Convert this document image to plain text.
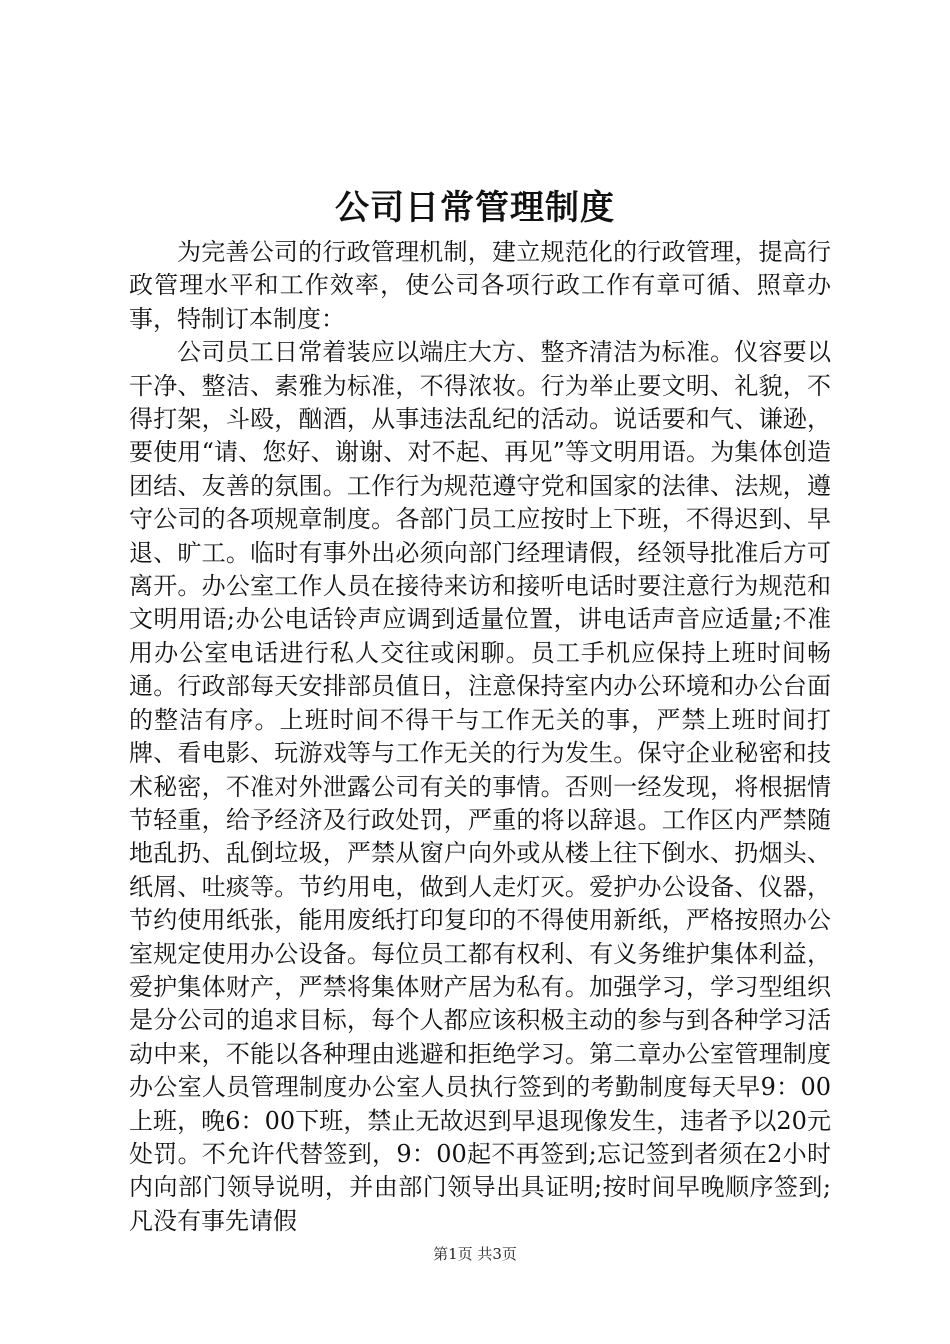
公司日常管理制度

为完善公司的行政管理机制，建立规范化的行政管理，提高行政管理水平和工作效率，使公司各项行政工作有章可循、照章办事，特制订本制度：

公司员工日常着装应以端庄大方、整齐清洁为标准。仪容要以干净、整洁、素雅为标准，不得浓妆。行为举止要文明、礼貌，不得打架，斗殴，酗酒，从事违法乱纪的活动。说话要和气、谦逊，要使用“请、您好、谢谢、对不起、再见”等文明用语。为集体创造团结、友善的氛围。工作行为规范遵守党和国家的法律、法规，遵守公司的各项规章制度。各部门员工应按时上下班，不得迟到、早退、旷工。临时有事外出必须向部门经理请假，经领导批准后方可离开。办公室工作人员在接待来访和接听电话时要注意行为规范和文明用语;办公电话铃声应调到适量位置，讲电话声音应适量;不准用办公室电话进行私人交往或闲聊。员工手机应保持上班时间畅通。行政部每天安排部员值日，注意保持室内办公环境和办公台面的整洁有序。上班时间不得干与工作无关的事，严禁上班时间打牌、看电影、玩游戏等与工作无关的行为发生。保守企业秘密和技术秘密，不准对外泄露公司有关的事情。否则一经发现，将根据情节轻重，给予经济及行政处罚，严重的将以辞退。工作区内严禁随地乱扔、乱倒垃圾，严禁从窗户向外或从楼上往下倒水、扔烟头、纸屑、吐痰等。节约用电，做到人走灯灭。爱护办公设备、仪器，节约使用纸张，能用废纸打印复印的不得使用新纸，严格按照办公室规定使用办公设备。每位员工都有权利、有义务维护集体利益，爱护集体财产，严禁将集体财产居为私有。加强学习，学习型组织是分公司的追求目标，每个人都应该积极主动的参与到各种学习活动中来，不能以各种理由逃避和拒绝学习。第二章办公室管理制度办公室人员管理制度办公室人员执行签到的考勤制度每天早9：00上班，晚6：00下班，禁止无故迟到早退现像发生，违者予以20元处罚。不允许代替签到，9：00起不再签到;忘记签到者须在2小时内向部门领导说明，并由部门领导出具证明;按时间早晚顺序签到;凡没有事先请假

第1页 共3页
